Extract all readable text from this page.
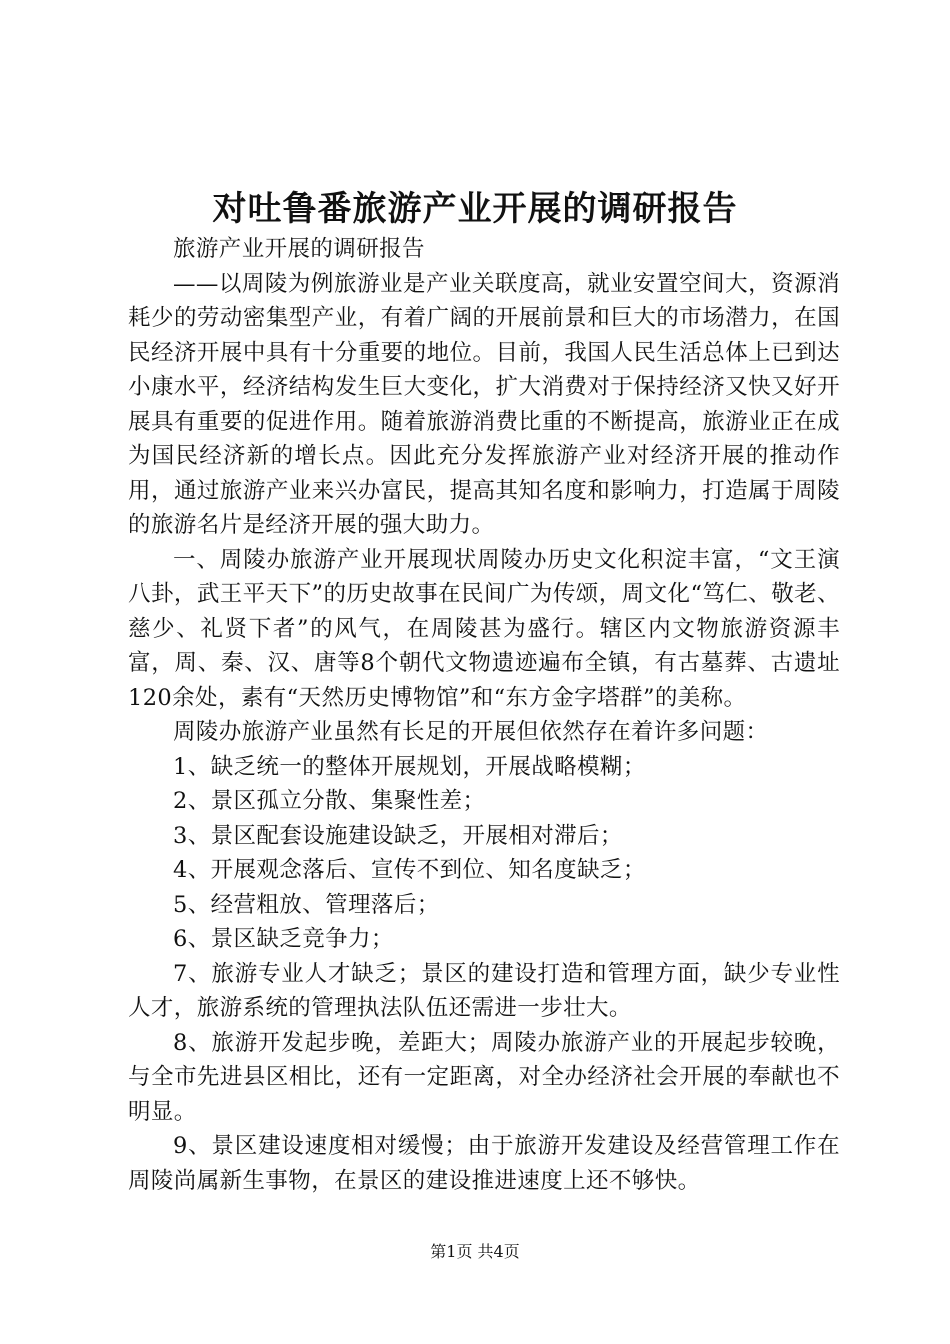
对吐鲁番旅游产业开展的调研报告

旅游产业开展的调研报告

——以周陵为例旅游业是产业关联度高，就业安置空间大，资源消耗少的劳动密集型产业，有着广阔的开展前景和巨大的市场潜力，在国民经济开展中具有十分重要的地位。目前，我国人民生活总体上已到达小康水平，经济结构发生巨大变化，扩大消费对于保持经济又快又好开展具有重要的促进作用。随着旅游消费比重的不断提高，旅游业正在成为国民经济新的增长点。因此充分发挥旅游产业对经济开展的推动作用，通过旅游产业来兴办富民，提高其知名度和影响力，打造属于周陵的旅游名片是经济开展的强大助力。

一、周陵办旅游产业开展现状周陵办历史文化积淀丰富，“文王演八卦，武王平天下”的历史故事在民间广为传颂，周文化“笃仁、敬老、慈少、礼贤下者”的风气，在周陵甚为盛行。辖区内文物旅游资源丰富，周、秦、汉、唐等8个朝代文物遗迹遍布全镇，有古墓葬、古遗址120余处，素有“天然历史博物馆”和“东方金字塔群”的美称。

周陵办旅游产业虽然有长足的开展但依然存在着许多问题：

1、缺乏统一的整体开展规划，开展战略模糊；

2、景区孤立分散、集聚性差；

3、景区配套设施建设缺乏，开展相对滞后；

4、开展观念落后、宣传不到位、知名度缺乏；

5、经营粗放、管理落后；

6、景区缺乏竞争力；

7、旅游专业人才缺乏；景区的建设打造和管理方面，缺少专业性人才，旅游系统的管理执法队伍还需进一步壮大。

8、旅游开发起步晚，差距大；周陵办旅游产业的开展起步较晚，与全市先进县区相比，还有一定距离，对全办经济社会开展的奉献也不明显。

9、景区建设速度相对缓慢；由于旅游开发建设及经营管理工作在周陵尚属新生事物，在景区的建设推进速度上还不够快。

第1页 共4页
